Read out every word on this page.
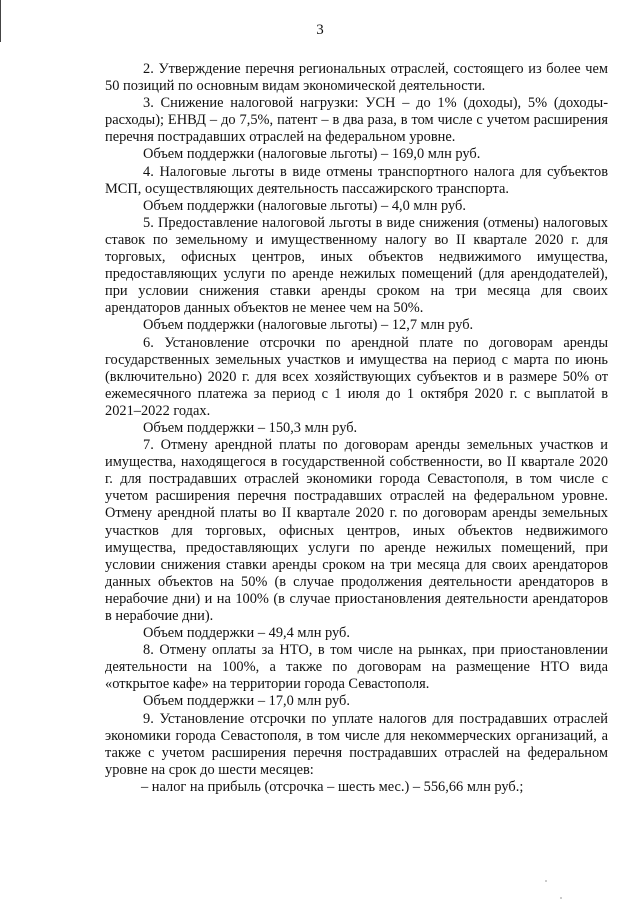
3

2. Утверждение перечня региональных отраслей, состоящего из более чем 50 позиций по основным видам экономической деятельности.

3. Снижение налоговой нагрузки: УСН – до 1% (доходы), 5% (доходы-расходы); ЕНВД – до 7,5%, патент – в два раза, в том числе с учетом расширения перечня пострадавших отраслей на федеральном уровне.

Объем поддержки (налоговые льготы) – 169,0 млн руб.

4. Налоговые льготы в виде отмены транспортного налога для субъектов МСП, осуществляющих деятельность пассажирского транспорта.

Объем поддержки (налоговые льготы) – 4,0 млн руб.

5. Предоставление налоговой льготы в виде снижения (отмены) налоговых ставок по земельному и имущественному налогу во II квартале 2020 г. для торговых, офисных центров, иных объектов недвижимого имущества, предоставляющих услуги по аренде нежилых помещений (для арендодателей), при условии снижения ставки аренды сроком на три месяца для своих арендаторов данных объектов не менее чем на 50%.

Объем поддержки (налоговые льготы) – 12,7 млн руб.

6. Установление отсрочки по арендной плате по договорам аренды государственных земельных участков и имущества на период с марта по июнь (включительно) 2020 г. для всех хозяйствующих субъектов и в размере 50% от ежемесячного платежа за период с 1 июля до 1 октября 2020 г. с выплатой в 2021–2022 годах.

Объем поддержки – 150,3 млн руб.

7. Отмену арендной платы по договорам аренды земельных участков и имущества, находящегося в государственной собственности, во II квартале 2020 г. для пострадавших отраслей экономики города Севастополя, в том числе с учетом расширения перечня пострадавших отраслей на федеральном уровне. Отмену арендной платы во II квартале 2020 г. по договорам аренды земельных участков для торговых, офисных центров, иных объектов недвижимого имущества, предоставляющих услуги по аренде нежилых помещений, при условии снижения ставки аренды сроком на три месяца для своих арендаторов данных объектов на 50% (в случае продолжения деятельности арендаторов в нерабочие дни) и на 100% (в случае приостановления деятельности арендаторов в нерабочие дни).

Объем поддержки – 49,4 млн руб.

8. Отмену оплаты за НТО, в том числе на рынках, при приостановлении деятельности на 100%, а также по договорам на размещение НТО вида «открытое кафе» на территории города Севастополя.

Объем поддержки – 17,0 млн руб.

9. Установление отсрочки по уплате налогов для пострадавших отраслей экономики города Севастополя, в том числе для некоммерческих организаций, а также с учетом расширения перечня пострадавших отраслей на федеральном уровне на срок до шести месяцев:

– налог на прибыль (отсрочка – шесть мес.) – 556,66 млн руб.;
